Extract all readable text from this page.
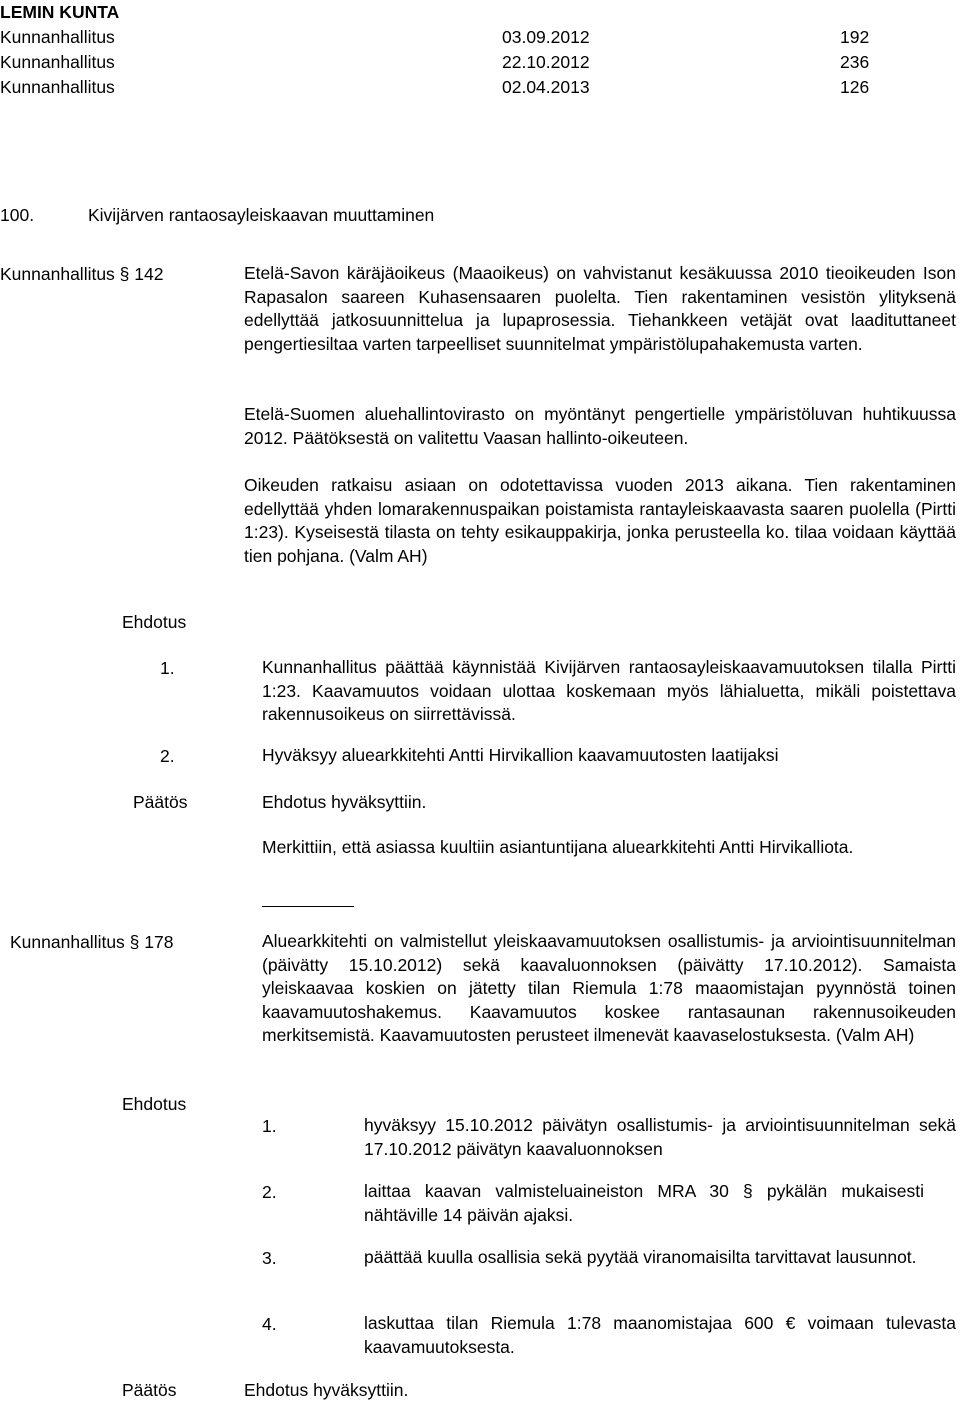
LEMIN KUNTA
Kunnanhallitus	03.09.2012	192
Kunnanhallitus	22.10.2012	236
Kunnanhallitus	02.04.2013	126
100.	Kivijärven rantaosayleiskaavan muuttaminen
Kunnanhallitus § 142	Etelä-Savon käräjäoikeus (Maaoikeus) on vahvistanut kesäkuussa 2010 tieoikeuden Ison Rapasalon saareen Kuhasensaaren puolelta. Tien rakentaminen vesistön ylityksenä edellyttää jatkosuunnittelua ja lupaprosessia. Tiehankkeen vetäjät ovat laadituttaneet pengertiesiltaa varten tarpeelliset suunnitelmat ympäristölupahakemusta varten.
Etelä-Suomen aluehallintovirasto on myöntänyt pengertielle ympäristöluvan huhtikuussa 2012. Päätöksestä on valitettu Vaasan hallinto-oikeuteen.
Oikeuden ratkaisu asiaan on odotettavissa vuoden 2013 aikana. Tien rakentaminen edellyttää yhden lomarakennuspaikan poistamista rantayleiskaavasta saaren puolella (Pirtti 1:23). Kyseisestä tilasta on tehty esikauppakirja, jonka perusteella ko. tilaa voidaan käyttää tien pohjana. (Valm AH)
Ehdotus
1.	Kunnanhallitus päättää käynnistää Kivijärven rantaosayleiskaavamuutoksen tilalla Pirtti 1:23. Kaavamuutos voidaan ulottaa koskemaan myös lähialuetta, mikäli poistettava rakennusoikeus on siirrettävissä.
2.	Hyväksyy aluearkkitehti Antti Hirvikallion kaavamuutosten laatijaksi
Päätös	Ehdotus hyväksyttiin.
Merkittiin, että asiassa kuultiin asiantuntijana aluearkkitehti Antti Hirvikalliota.
Kunnanhallitus § 178	Aluearkkitehti on valmistellut yleiskaavamuutoksen osallistumis- ja arviointisuunnitelman (päivätty 15.10.2012) sekä kaavaluonnoksen (päivätty 17.10.2012). Samaista yleiskaavaa koskien on jätetty tilan Riemula 1:78 maaomistajan pyynnöstä toinen kaavamuutoshakemus. Kaavamuutos koskee rantasaunan rakennusoikeuden merkitsemistä. Kaavamuutosten perusteet ilmenevät kaavaselostuksesta. (Valm AH)
Ehdotus
1.	hyväksyy 15.10.2012 päivätyn osallistumis- ja arviointisuunnitelman sekä 17.10.2012 päivätyn kaavaluonnoksen
2.	laittaa kaavan valmisteluaineiston MRA 30 § pykälän mukaisesti nähtäville 14 päivän ajaksi.
3.	päättää kuulla osallisia sekä pyytää viranomaisilta tarvittavat lausunnot.
4.	laskuttaa tilan Riemula 1:78 maanomistajaa 600 € voimaan tulevasta kaavamuutoksesta.
Päätös	Ehdotus hyväksyttiin.
